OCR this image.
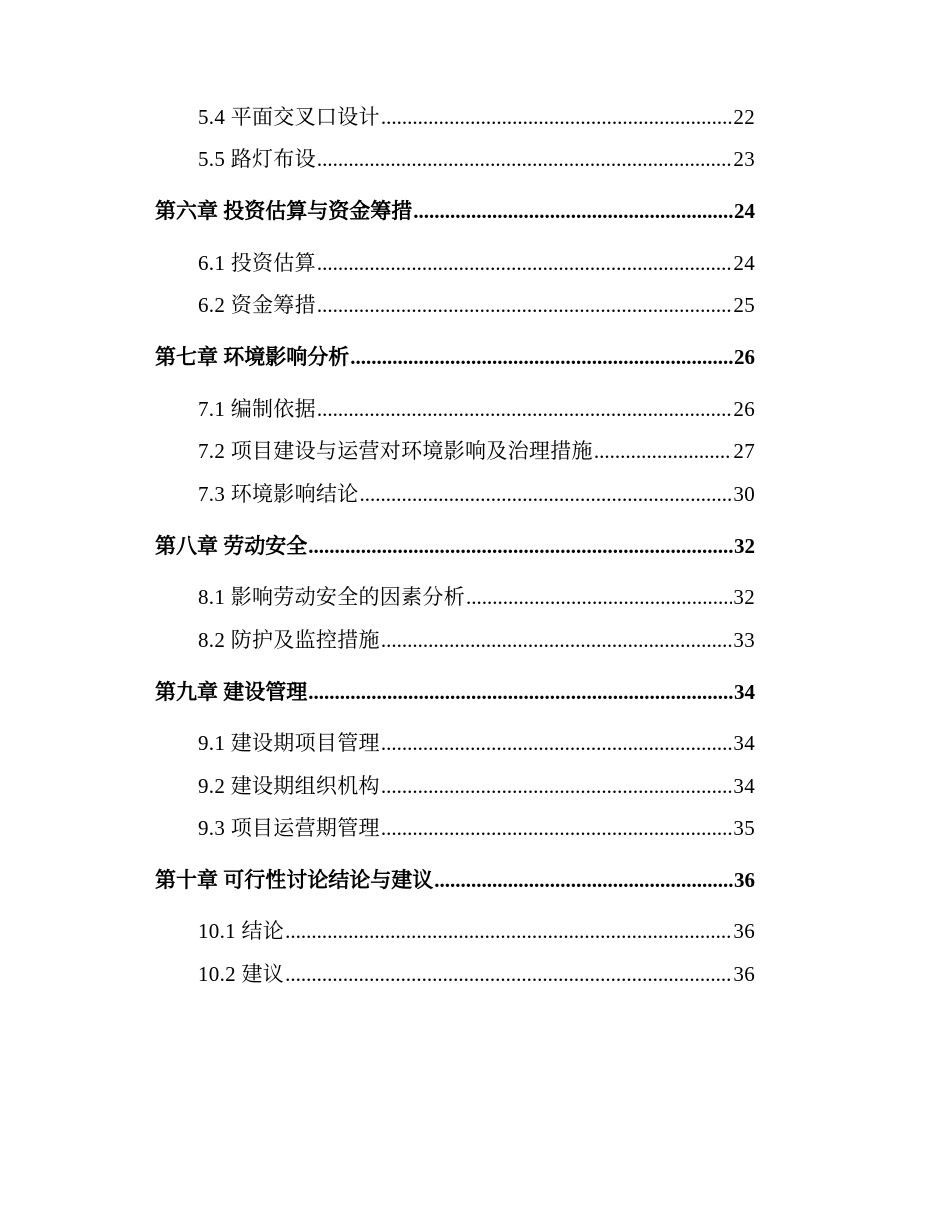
5.4 平面交叉口设计 .....	22
5.5 路灯布设 .....	23
第六章 投资估算与资金筹措 .....	24
6.1 投资估算 .....	24
6.2 资金筹措 .....	25
第七章 环境影响分析 .....	26
7.1 编制依据 .....	26
7.2 项目建设与运营对环境影响及治理措施 .....	27
7.3 环境影响结论 .....	30
第八章 劳动安全 .....	32
8.1 影响劳动安全的因素分析 .....	32
8.2 防护及监控措施 .....	33
第九章 建设管理 .....	34
9.1 建设期项目管理 .....	34
9.2 建设期组织机构 .....	34
9.3 项目运营期管理 .....	35
第十章 可行性讨论结论与建议 .....	36
10.1 结论 .....	36
10.2 建议 .....	36
